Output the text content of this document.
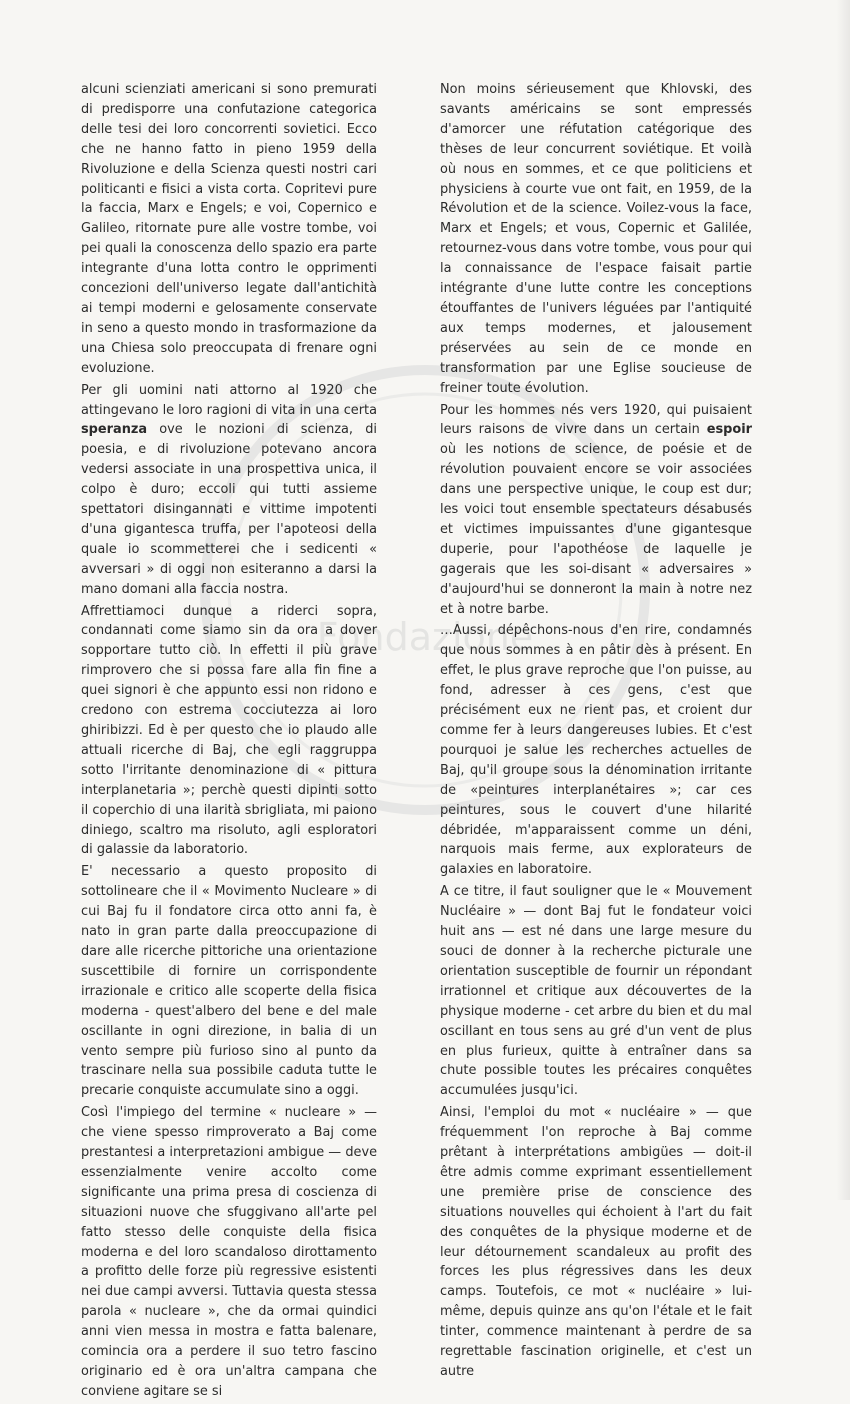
Fondazione

alcuni scienziati americani si sono premurati di predisporre una confutazione categorica delle tesi dei loro concorrenti sovietici. Ecco che ne hanno fatto in pieno 1959 della Rivoluzione e della Scienza questi nostri cari politicanti e fisici a vista corta. Copritevi pure la faccia, Marx e Engels; e voi, Copernico e Galileo, ritornate pure alle vostre tombe, voi pei quali la conoscenza dello spazio era parte integrante d'una lotta contro le opprimenti concezioni dell'universo legate dall'antichità ai tempi moderni e gelosamente conservate in seno a questo mondo in trasformazione da una Chiesa solo preoccupata di frenare ogni evoluzione.

Per gli uomini nati attorno al 1920 che attingevano le loro ragioni di vita in una certa speranza ove le nozioni di scienza, di poesia, e di rivoluzione potevano ancora vedersi associate in una prospettiva unica, il colpo è duro; eccoli qui tutti assieme spettatori disingannati e vittime impotenti d'una gigantesca truffa, per l'apoteosi della quale io scommetterei che i sedicenti « avversari » di oggi non esiteranno a darsi la mano domani alla faccia nostra.

Affrettiamoci dunque a riderci sopra, condannati come siamo sin da ora a dover sopportare tutto ciò. In effetti il più grave rimprovero che si possa fare alla fin fine a quei signori è che appunto essi non ridono e credono con estrema cocciutezza ai loro ghiribizzi. Ed è per questo che io plaudo alle attuali ricerche di Baj, che egli raggruppa sotto l'irritante denominazione di « pittura interplanetaria »; perchè questi dipinti sotto il coperchio di una ilarità sbrigliata, mi paiono diniego, scaltro ma risoluto, agli esploratori di galassie da laboratorio.

E' necessario a questo proposito di sottolineare che il « Movimento Nucleare » di cui Baj fu il fondatore circa otto anni fa, è nato in gran parte dalla preoccupazione di dare alle ricerche pittoriche una orientazione suscettibile di fornire un corrispondente irrazionale e critico alle scoperte della fisica moderna - quest'albero del bene e del male oscillante in ogni direzione, in balia di un vento sempre più furioso sino al punto da trascinare nella sua possibile caduta tutte le precarie conquiste accumulate sino a oggi.

Così l'impiego del termine « nucleare » — che viene spesso rimproverato a Baj come prestantesi a interpretazioni ambigue — deve essenzialmente venire accolto come significante una prima presa di coscienza di situazioni nuove che sfuggivano all'arte pel fatto stesso delle conquiste della fisica moderna e del loro scandaloso dirottamento a profitto delle forze più regressive esistenti nei due campi avversi. Tuttavia questa stessa parola « nucleare », che da ormai quindici anni vien messa in mostra e fatta balenare, comincia ora a perdere il suo tetro fascino originario ed è ora un'altra campana che conviene agitare se si

Non moins sérieusement que Khlovski, des savants américains se sont empressés d'amorcer une réfutation catégorique des thèses de leur concurrent soviétique. Et voilà où nous en sommes, et ce que politiciens et physiciens à courte vue ont fait, en 1959, de la Révolution et de la science. Voilez-vous la face, Marx et Engels; et vous, Copernic et Galilée, retournez-vous dans votre tombe, vous pour qui la connaissance de l'espace faisait partie intégrante d'une lutte contre les conceptions étouffantes de l'univers léguées par l'antiquité aux temps modernes, et jalousement préservées au sein de ce monde en transformation par une Eglise soucieuse de freiner toute évolution.

Pour les hommes nés vers 1920, qui puisaient leurs raisons de vivre dans un certain espoir où les notions de science, de poésie et de révolution pouvaient encore se voir associées dans une perspective unique, le coup est dur; les voici tout ensemble spectateurs désabusés et victimes impuissantes d'une gigantesque duperie, pour l'apothéose de laquelle je gagerais que les soi-disant « adversaires » d'aujourd'hui se donneront la main à notre nez et à notre barbe.

…Aussi, dépêchons-nous d'en rire, condamnés que nous sommes à en pâtir dès à présent. En effet, le plus grave reproche que l'on puisse, au fond, adresser à ces gens, c'est que précisément eux ne rient pas, et croient dur comme fer à leurs dangereuses lubies. Et c'est pourquoi je salue les recherches actuelles de Baj, qu'il groupe sous la dénomination irritante de «peintures interplanétaires »; car ces peintures, sous le couvert d'une hilarité débridée, m'apparaissent comme un déni, narquois mais ferme, aux explorateurs de galaxies en laboratoire.

A ce titre, il faut souligner que le « Mouvement Nucléaire » — dont Baj fut le fondateur voici huit ans — est né dans une large mesure du souci de donner à la recherche picturale une orientation susceptible de fournir un répondant irrationnel et critique aux découvertes de la physique moderne - cet arbre du bien et du mal oscillant en tous sens au gré d'un vent de plus en plus furieux, quitte à entraîner dans sa chute possible toutes les précaires conquêtes accumulées jusqu'ici.

Ainsi, l'emploi du mot « nucléaire » — que fréquemment l'on reproche à Baj comme prêtant à interprétations ambigües — doit-il être admis comme exprimant essentiellement une première prise de conscience des situations nouvelles qui échoient à l'art du fait des conquêtes de la physique moderne et de leur détournement scandaleux au profit des forces les plus régressives dans les deux camps. Toutefois, ce mot « nucléaire » lui-même, depuis quinze ans qu'on l'étale et le fait tinter, commence maintenant à perdre de sa regrettable fascination originelle, et c'est un autre
